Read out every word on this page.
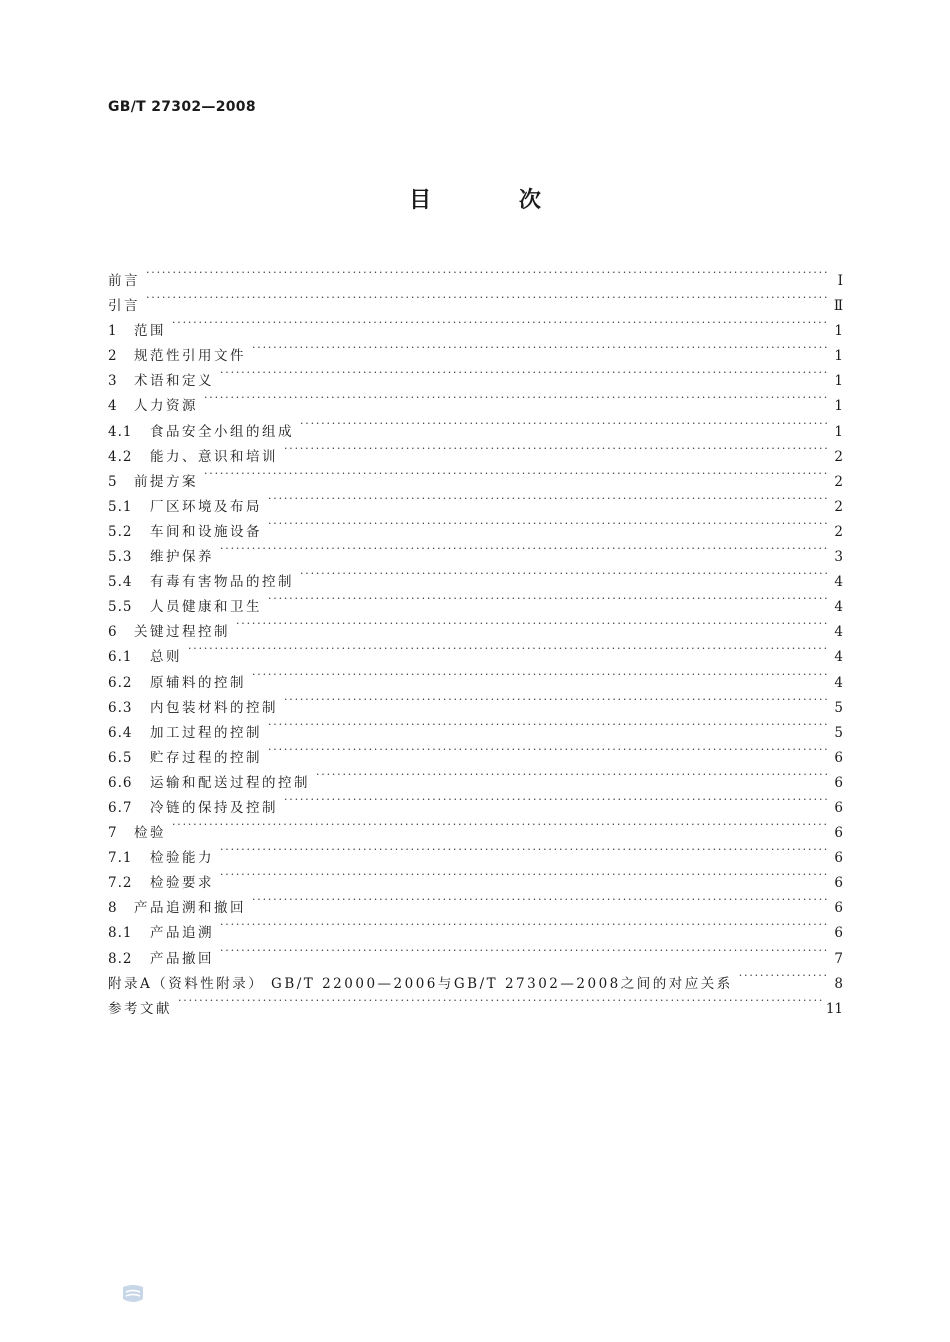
GB/T 27302—2008
目 次
前言 ·····	Ⅰ
引言 ·····	Ⅱ
1	范围 ·····	1
2	规范性引用文件 ·····	1
3	术语和定义 ·····	1
4	人力资源 ·····	1
4.1	食品安全小组的组成 ·····	1
4.2	能力、意识和培训 ·····	2
5	前提方案 ·····	2
5.1	厂区环境及布局 ·····	2
5.2	车间和设施设备 ·····	2
5.3	维护保养 ·····	3
5.4	有毒有害物品的控制 ·····	4
5.5	人员健康和卫生 ·····	4
6	关键过程控制 ·····	4
6.1	总则 ·····	4
6.2	原辅料的控制 ·····	4
6.3	内包装材料的控制 ·····	5
6.4	加工过程的控制 ·····	5
6.5	贮存过程的控制 ·····	6
6.6	运输和配送过程的控制 ·····	6
6.7	冷链的保持及控制 ·····	6
7	检验 ·····	6
7.1	检验能力 ·····	6
7.2	检验要求 ·····	6
8	产品追溯和撤回 ·····	6
8.1	产品追溯 ·····	6
8.2	产品撤回 ·····	7
附录A（资料性附录） GB/T 22000—2006与GB/T 27302—2008之间的对应关系 ·····	8
参考文献 ·····	11
